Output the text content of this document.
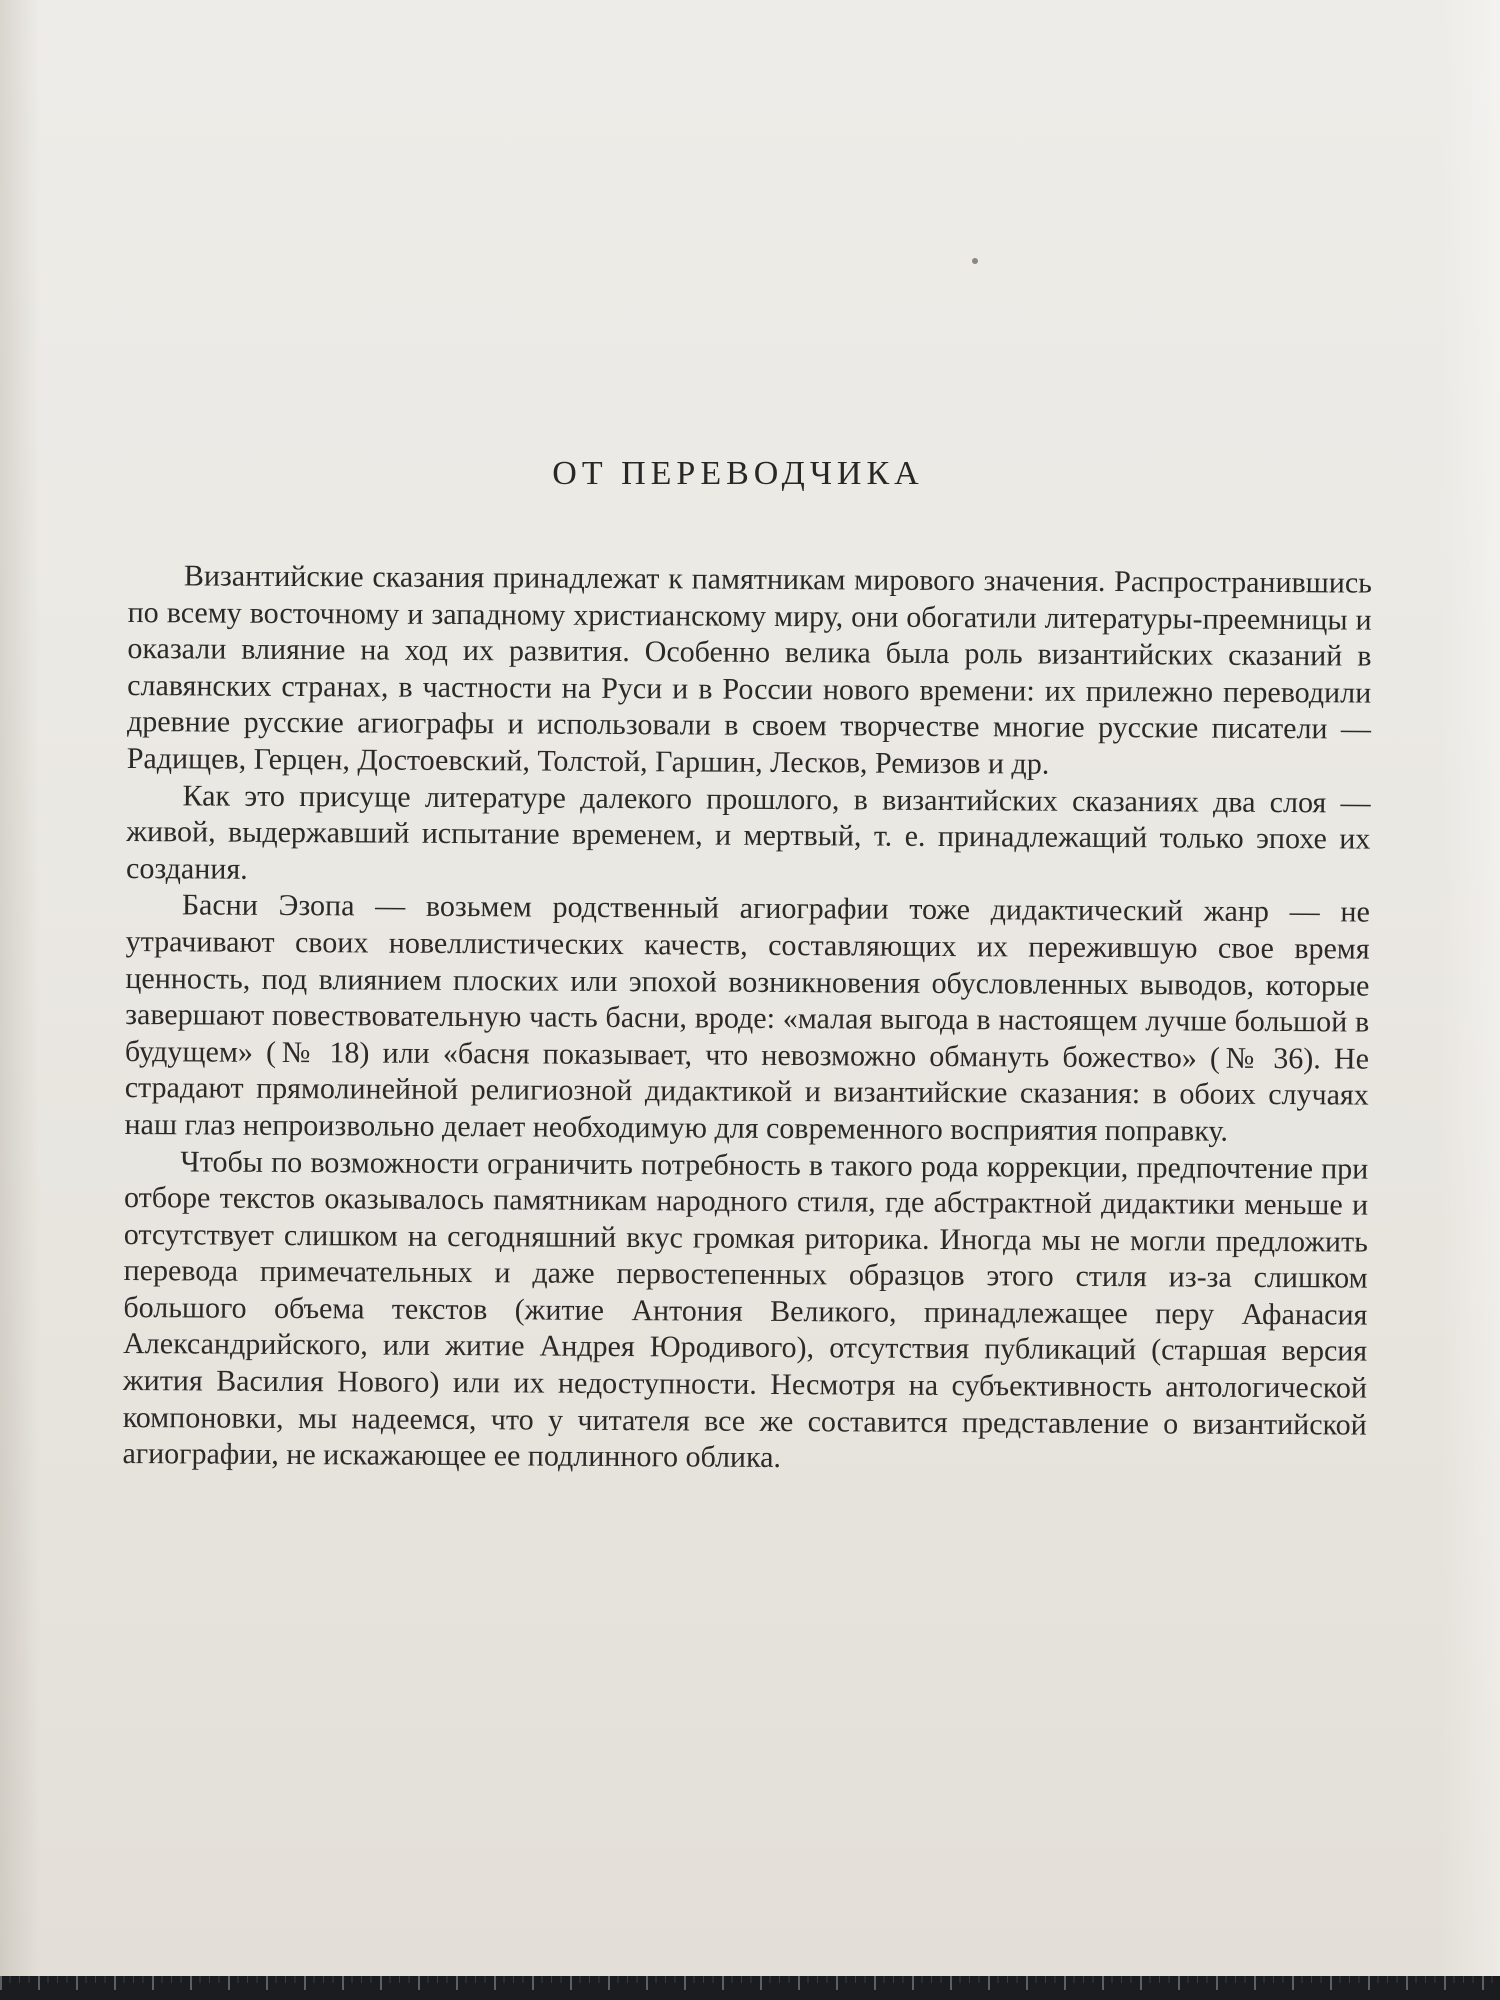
ОТ ПЕРЕВОДЧИКА

Византийские сказания принадлежат к памятникам мирового значения. Распространившись по всему восточному и западному христианскому миру, они обогатили литературы-преемницы и оказали влияние на ход их развития. Особенно велика была роль византийских сказаний в славянских странах, в частности на Руси и в России нового времени: их прилежно переводили древние русские агиографы и использовали в своем творчестве многие русские писатели — Радищев, Герцен, Достоевский, Толстой, Гаршин, Лесков, Ремизов и др.

Как это присуще литературе далекого прошлого, в византийских сказаниях два слоя — живой, выдержавший испытание временем, и мертвый, т. е. принадлежащий только эпохе их создания.

Басни Эзопа — возьмем родственный агиографии тоже дидактический жанр — не утрачивают своих новеллистических качеств, составляющих их пережившую свое время ценность, под влиянием плоских или эпохой возникновения обусловленных выводов, которые завершают повествовательную часть басни, вроде: «малая выгода в настоящем лучше большой в будущем» (№ 18) или «басня показывает, что невозможно обмануть божество» (№ 36). Не страдают прямолинейной религиозной дидактикой и византийские сказания: в обоих случаях наш глаз непроизвольно делает необходимую для современного восприятия поправку.

Чтобы по возможности ограничить потребность в такого рода коррекции, предпочтение при отборе текстов оказывалось памятникам народного стиля, где абстрактной дидактики меньше и отсутствует слишком на сегодняшний вкус громкая риторика. Иногда мы не могли предложить перевода примечательных и даже первостепенных образцов этого стиля из-за слишком большого объема текстов (житие Антония Великого, принадлежащее перу Афанасия Александрийского, или житие Андрея Юродивого), отсутствия публикаций (старшая версия жития Василия Нового) или их недоступности. Несмотря на субъективность антологической компоновки, мы надеемся, что у читателя все же составится представление о византийской агиографии, не искажающее ее подлинного облика.
